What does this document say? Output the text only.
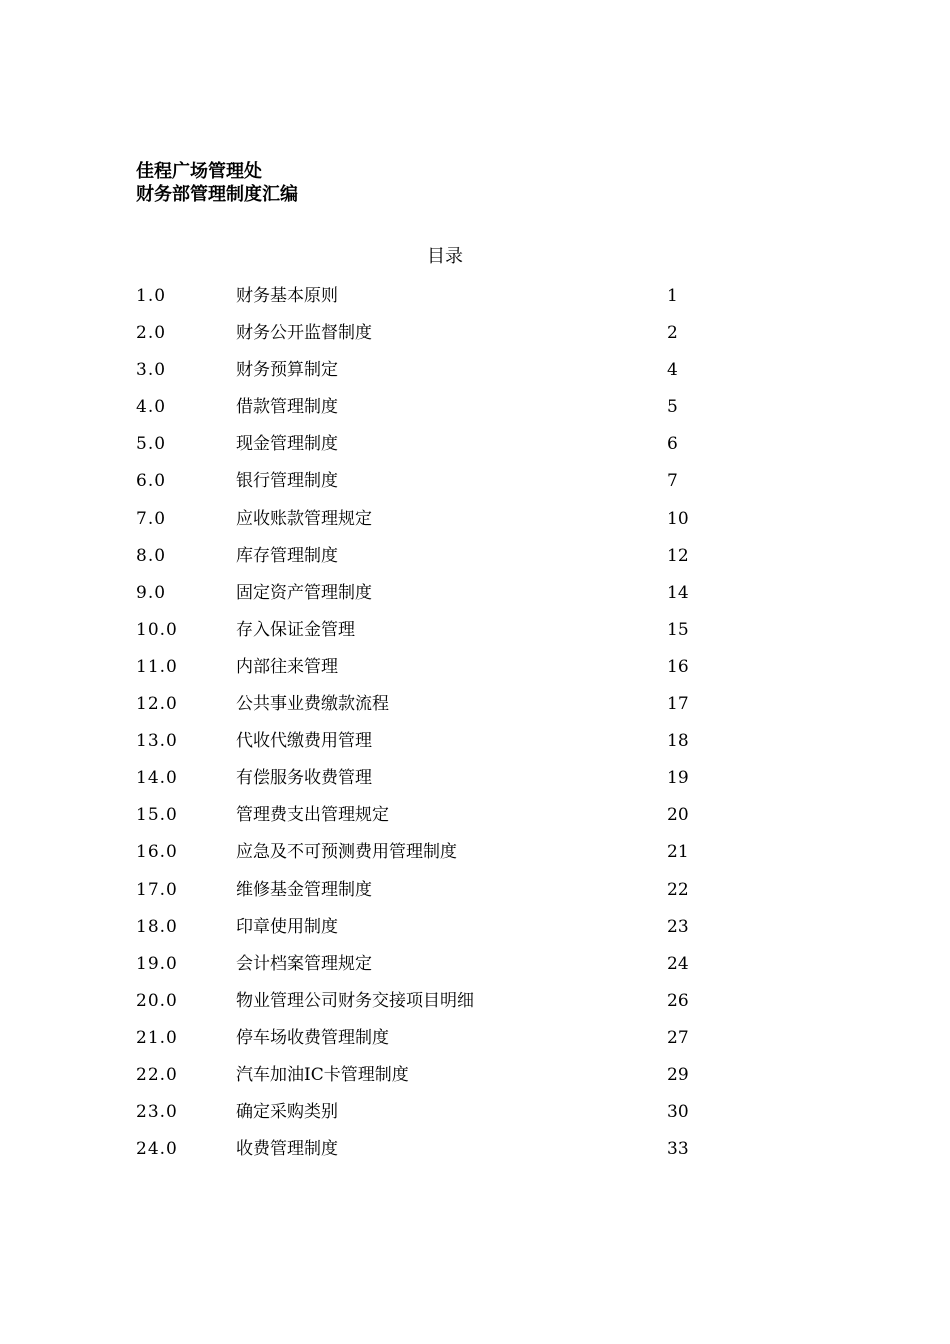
佳程广场管理处
财务部管理制度汇编
目录
1.0	财务基本原则	1
2.0	财务公开监督制度	2
3.0	财务预算制定	4
4.0	借款管理制度	5
5.0	现金管理制度	6
6.0	银行管理制度	7
7.0	应收账款管理规定	10
8.0	库存管理制度	12
9.0	固定资产管理制度	14
10.0	存入保证金管理	15
11.0	内部往来管理	16
12.0	公共事业费缴款流程	17
13.0	代收代缴费用管理	18
14.0	有偿服务收费管理	19
15.0	管理费支出管理规定	20
16.0	应急及不可预测费用管理制度	21
17.0	维修基金管理制度	22
18.0	印章使用制度	23
19.0	会计档案管理规定	24
20.0	物业管理公司财务交接项目明细	26
21.0	停车场收费管理制度	27
22.0	汽车加油IC卡管理制度	29
23.0	确定采购类别	30
24.0	收费管理制度	33
